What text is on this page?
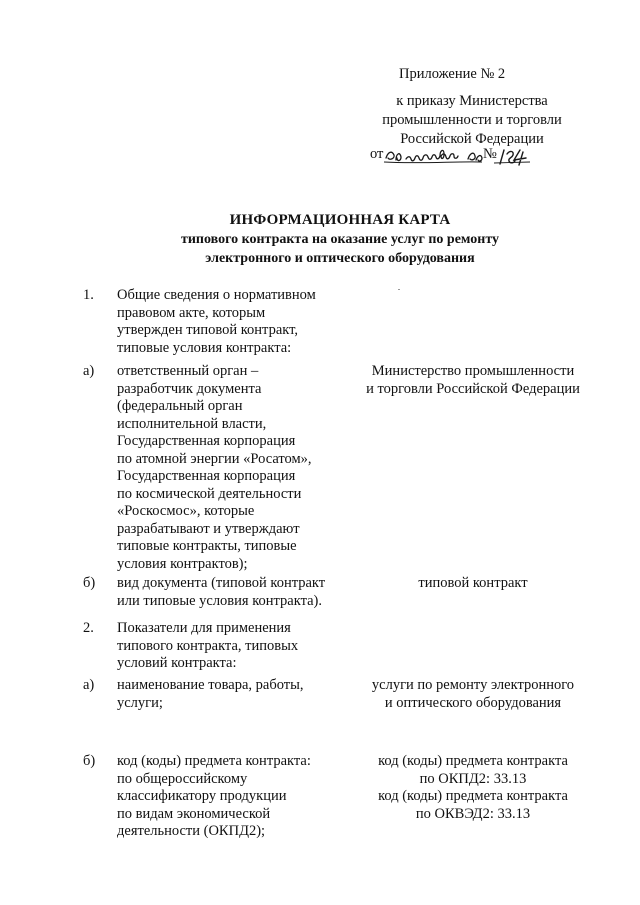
Приложение № 2
к приказу Министерства
промышленности и торговли
Российской Федерации
от	№
ИНФОРМАЦИОННАЯ КАРТА
типового контракта на оказание услуг по ремонту
электронного и оптического оборудования
1. Общие сведения о нормативном
правовом акте, которым
утвержден типовой контракт,
типовые условия контракта:
а) ответственный орган –
разработчик документа
(федеральный орган
исполнительной власти,
Государственная корпорация
по атомной энергии «Росатом»,
Государственная корпорация
по космической деятельности
«Роскосмос», которые
разрабатывают и утверждают
типовые контракты, типовые
условия контрактов);
Министерство промышленности
и торговли Российской Федерации
б) вид документа (типовой контракт
или типовые условия контракта).
типовой контракт
2. Показатели для применения
типового контракта, типовых
условий контракта:
а) наименование товара, работы,
услуги;
услуги по ремонту электронного
и оптического оборудования
б) код (коды) предмета контракта:
по общероссийскому
классификатору продукции
по видам экономической
деятельности (ОКПД2);
код (коды) предмета контракта
по ОКПД2: 33.13
код (коды) предмета контракта
по ОКВЭД2: 33.13
